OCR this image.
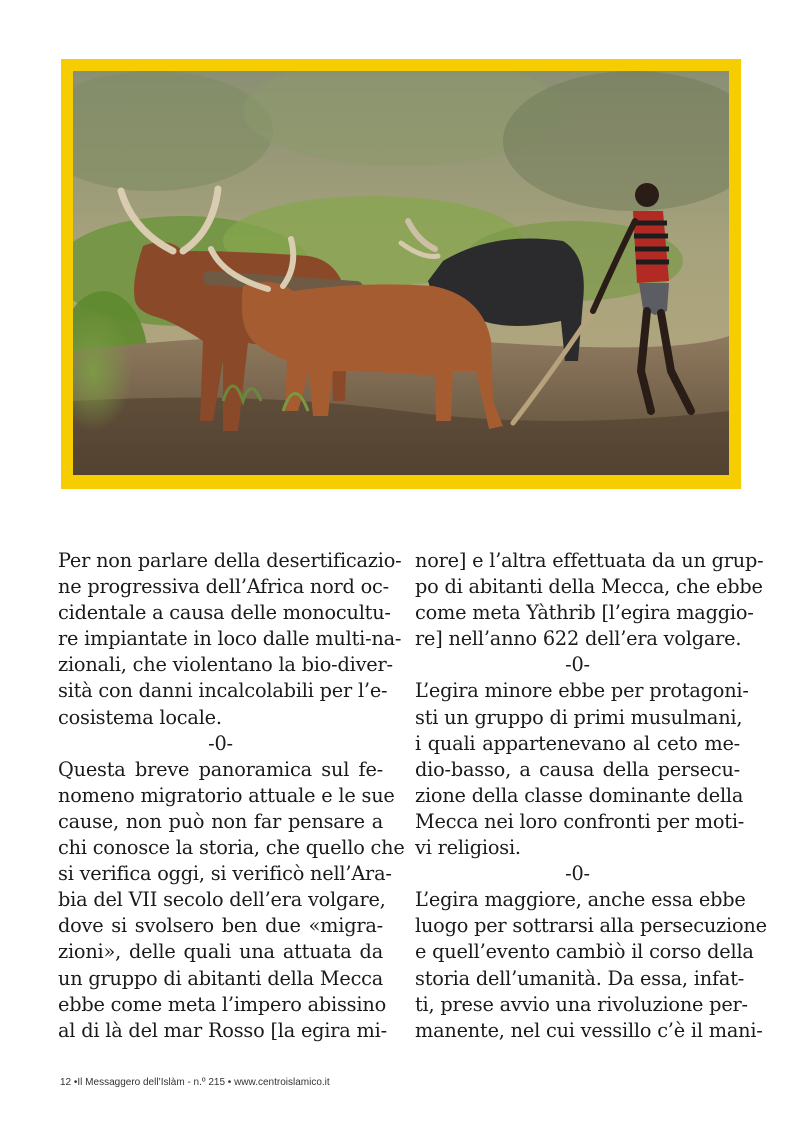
Per non parlare della desertificazio-
ne progressiva dell’Africa nord oc-
cidentale a causa delle monocultu-
re impiantate in loco dalle multi-na-
zionali, che violentano la bio-diver-
sità con danni incalcolabili per l’e-
cosistema locale.
-0-
Questa breve panoramica sul fe-
nomeno migratorio attuale e le sue
cause, non può non far pensare a
chi conosce la storia, che quello che
si verifica oggi, si verificò nell’Ara-
bia del VII secolo dell’era volgare,
dove si svolsero ben due «migra-
zioni», delle quali una attuata da
un gruppo di abitanti della Mecca
ebbe come meta l’impero abissino
al di là del mar Rosso [la egira mi-
nore] e l’altra effettuata da un grup-
po di abitanti della Mecca, che ebbe
come meta Yàthrib [l’egira maggio-
re] nell’anno 622 dell’era volgare.
-0-
L’egira minore ebbe per protagoni-
sti un gruppo di primi musulmani,
i quali appartenevano al ceto me-
dio-basso, a causa della persecu-
zione della classe dominante della
Mecca nei loro confronti per moti-
vi religiosi.
-0-
L’egira maggiore, anche essa ebbe
luogo per sottrarsi alla persecuzione
e quell’evento cambiò il corso della
storia dell’umanità. Da essa, infat-
ti, prese avvio una rivoluzione per-
manente, nel cui vessillo c’è il mani-
12 •Il Messaggero dell’Islàm - n.º 215 • www.centroislamico.it
